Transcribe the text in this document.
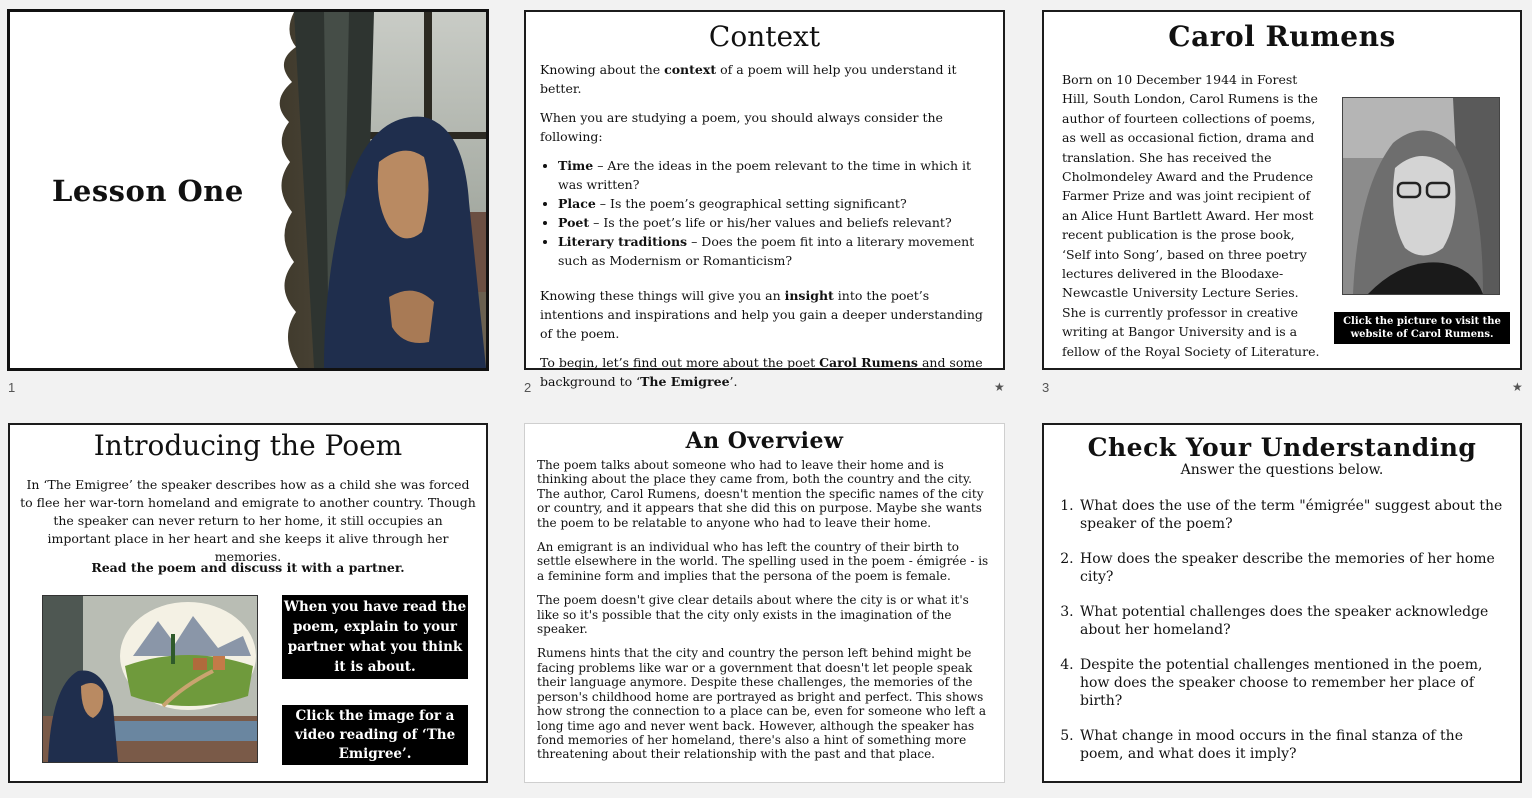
Lesson One
1
Context

Knowing about the context of a poem will help you understand it better.

When you are studying a poem, you should always consider the following:

• Time – Are the ideas in the poem relevant to the time in which it was written?
• Place – Is the poem’s geographical setting significant?
• Poet – Is the poet’s life or his/her values and beliefs relevant?
• Literary traditions – Does the poem fit into a literary movement such as Modernism or Romanticism?

Knowing these things will give you an insight into the poet’s intentions and inspirations and help you gain a deeper understanding of the poem.

To begin, let’s find out more about the poet Carol Rumens and some background to ‘The Emigree’.

2	★
Carol Rumens
Born on 10 December 1944 in Forest Hill, South London, Carol Rumens is the author of fourteen collections of poems, as well as occasional fiction, drama and translation. She has received the Cholmondeley Award and the Prudence Farmer Prize and was joint recipient of an Alice Hunt Bartlett Award. Her most recent publication is the prose book, ‘Self into Song’, based on three poetry lectures delivered in the Bloodaxe-Newcastle University Lecture Series. She is currently professor in creative writing at Bangor University and is a fellow of the Royal Society of Literature.
Click the picture to visit the website of Carol Rumens.
3	★
Introducing the Poem
In ‘The Emigree’ the speaker describes how as a child she was forced to flee her war-torn homeland and emigrate to another country. Though the speaker can never return to her home, it still occupies an important place in her heart and she keeps it alive through her memories.
Read the poem and discuss it with a partner.
When you have read the poem, explain to your partner what you think it is about.
Click the image for a video reading of ‘The Emigree’.
An Overview

The poem talks about someone who had to leave their home and is thinking about the place they came from, both the country and the city. The author, Carol Rumens, doesn't mention the specific names of the city or country, and it appears that she did this on purpose. Maybe she wants the poem to be relatable to anyone who had to leave their home.

An emigrant is an individual who has left the country of their birth to settle elsewhere in the world. The spelling used in the poem - émigrée - is a feminine form and implies that the persona of the poem is female.

The poem doesn't give clear details about where the city is or what it's like so it's possible that the city only exists in the imagination of the speaker.

Rumens hints that the city and country the person left behind might be facing problems like war or a government that doesn't let people speak their language anymore. Despite these challenges, the memories of the person's childhood home are portrayed as bright and perfect. This shows how strong the connection to a place can be, even for someone who left a long time ago and never went back. However, although the speaker has fond memories of her homeland, there's also a hint of something more threatening about their relationship with the past and that place.

Check Your Understanding
Answer the questions below.
1. What does the use of the term "émigrée" suggest about the speaker of the poem?
2. How does the speaker describe the memories of her home city?
3. What potential challenges does the speaker acknowledge about her homeland?
4. Despite the potential challenges mentioned in the poem, how does the speaker choose to remember her place of birth?
5. What change in mood occurs in the final stanza of the poem, and what does it imply?
